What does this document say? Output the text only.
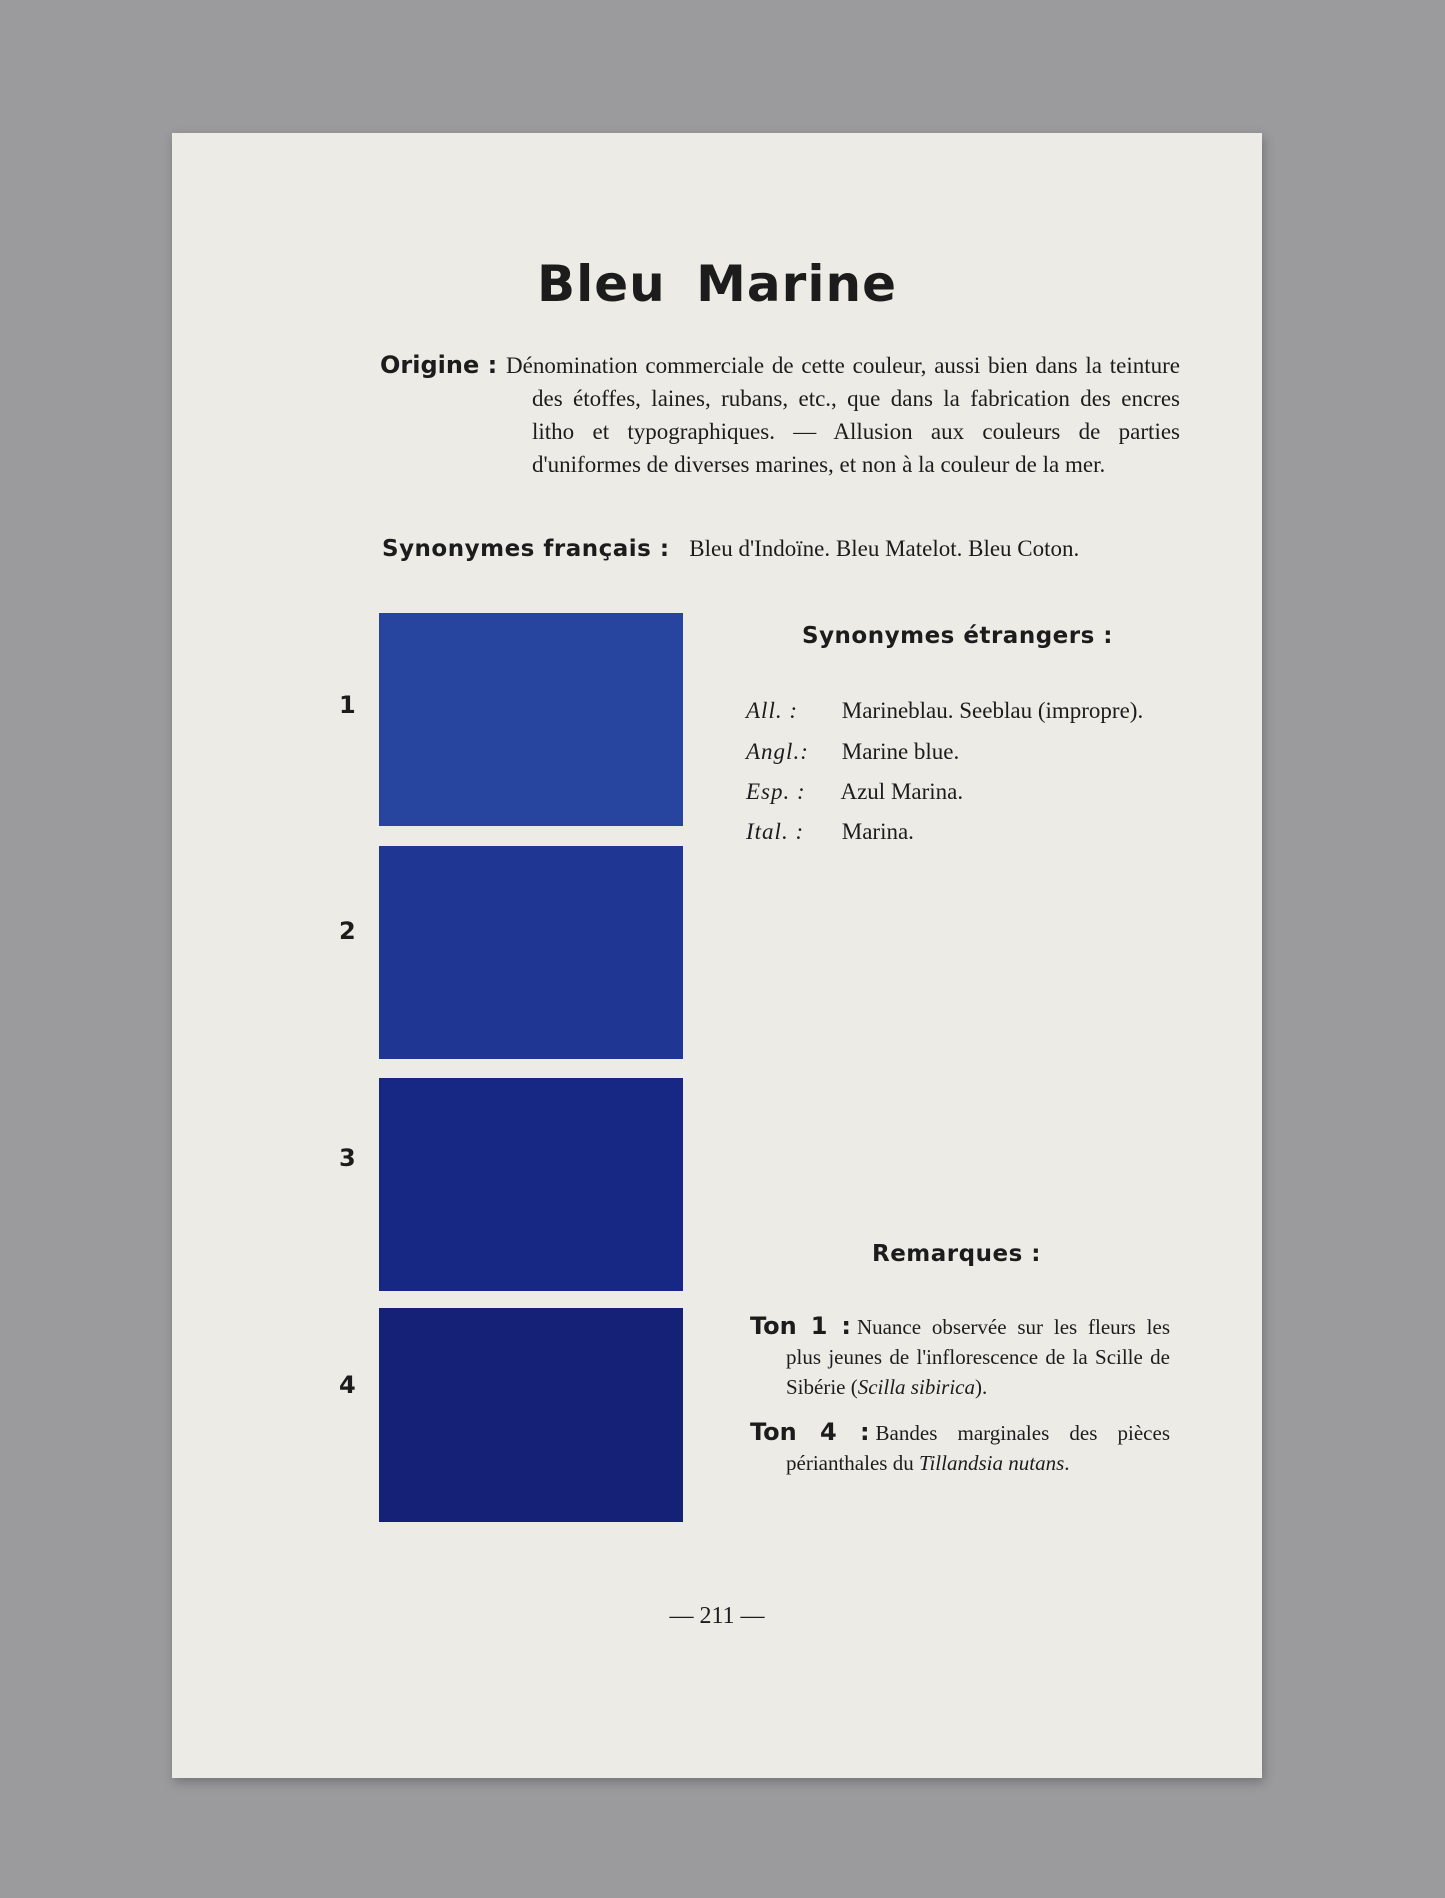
Bleu Marine
Origine : Dénomination commerciale de cette couleur, aussi bien dans la teinture des étoffes, laines, rubans, etc., que dans la fabrication des encres litho et typographiques. — Allusion aux couleurs de parties d'uniformes de diverses marines, et non à la couleur de la mer.
Synonymes français : Bleu d'Indoïne. Bleu Matelot. Bleu Coton.
1
2
3
4
Synonymes étrangers :
All. : Marineblau. Seeblau (impropre).
Angl.: Marine blue.
Esp. : Azul Marina.
Ital. : Marina.
Remarques :
Ton 1 : Nuance observée sur les fleurs les plus jeunes de l'inflorescence de la Scille de Sibérie (Scilla sibirica).
Ton 4 : Bandes marginales des pièces périanthales du Tillandsia nutans.
— 211 —
